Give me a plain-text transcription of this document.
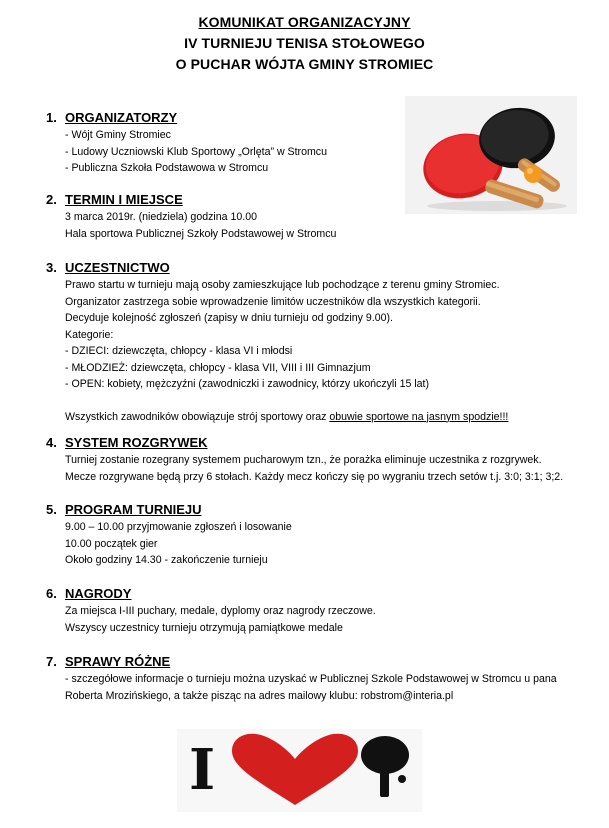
KOMUNIKAT ORGANIZACYJNY
IV TURNIEJU TENISA STOŁOWEGO
O PUCHAR WÓJTA GMINY STROMIEC
1. ORGANIZATORZY
- Wójt Gminy Stromiec
- Ludowy Uczniowski Klub Sportowy „Orlęta” w Stromcu
- Publiczna Szkoła Podstawowa w Stromcu
2. TERMIN I MIEJSCE
3 marca 2019r. (niedziela) godzina 10.00
Hala sportowa Publicznej Szkoły Podstawowej w Stromcu
3. UCZESTNICTWO
Prawo startu w turnieju mają osoby zamieszkujące lub pochodzące z terenu gminy Stromiec.
Organizator zastrzega sobie wprowadzenie limitów uczestników dla wszystkich kategorii.
Decyduje kolejność zgłoszeń (zapisy w dniu turnieju od godziny 9.00).
Kategorie:
- DZIECI: dziewczęta, chłopcy - klasa VI i młodsi
- MŁODZIEŻ: dziewczęta, chłopcy - klasa VII, VIII i III Gimnazjum
- OPEN: kobiety, mężczyźni (zawodniczki i zawodnicy, którzy ukończyli 15 lat)
Wszystkich zawodników obowiązuje strój sportowy oraz obuwie sportowe na jasnym spodzie!!!
4. SYSTEM ROZGRYWEK
Turniej zostanie rozegrany systemem pucharowym tzn., że porażka eliminuje uczestnika z rozgrywek.
Mecze rozgrywane będą przy 6 stołach. Każdy mecz kończy się po wygraniu trzech setów t.j. 3:0; 3:1; 3;2.
5. PROGRAM TURNIEJU
9.00 – 10.00 przyjmowanie zgłoszeń i losowanie
10.00 początek gier
Około godziny 14.30 - zakończenie turnieju
6. NAGRODY
Za miejsca I-III puchary, medale, dyplomy oraz nagrody rzeczowe.
Wszyscy uczestnicy turnieju otrzymują pamiątkowe medale
7. SPRAWY RÓŻNE
- szczegółowe informacje o turnieju można uzyskać w Publicznej Szkole Podstawowej w Stromcu u pana
Roberta Mrozińskiego, a także pisząc na adres mailowy klubu: robstrom@interia.pl
I
